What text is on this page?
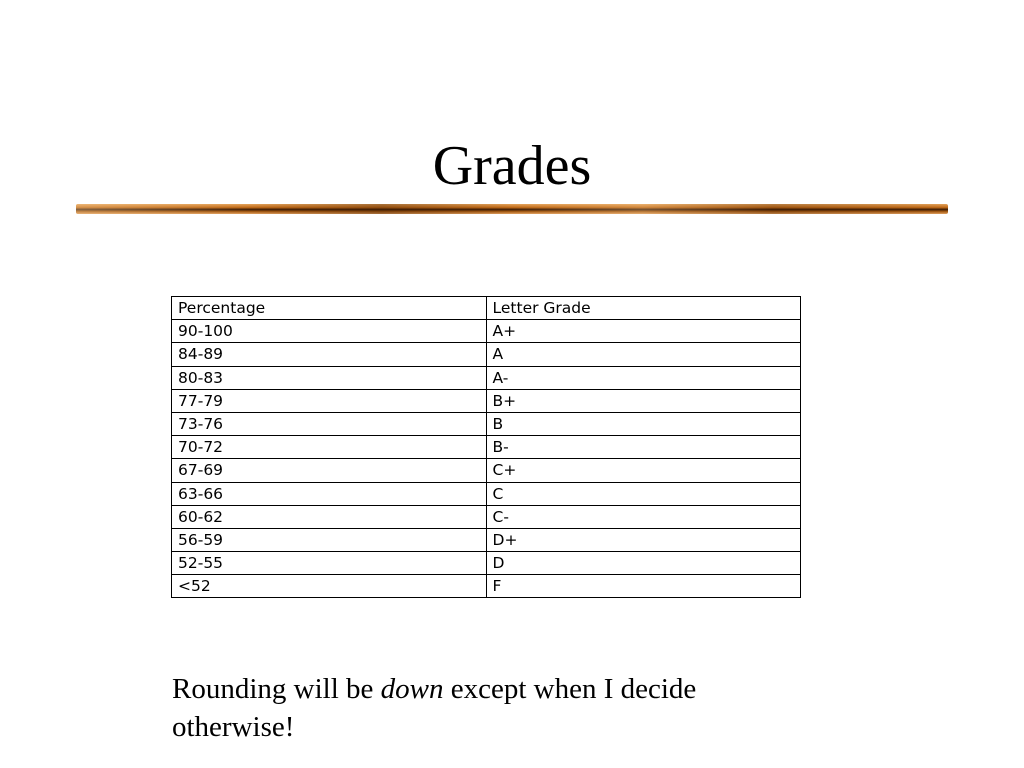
Grades
Percentage	Letter Grade
90-100	A+
84-89	A
80-83	A-
77-79	B+
73-76	B
70-72	B-
67-69	C+
63-66	C
60-62	C-
56-59	D+
52-55	D
<52	F

Rounding will be down except when I decide otherwise!
